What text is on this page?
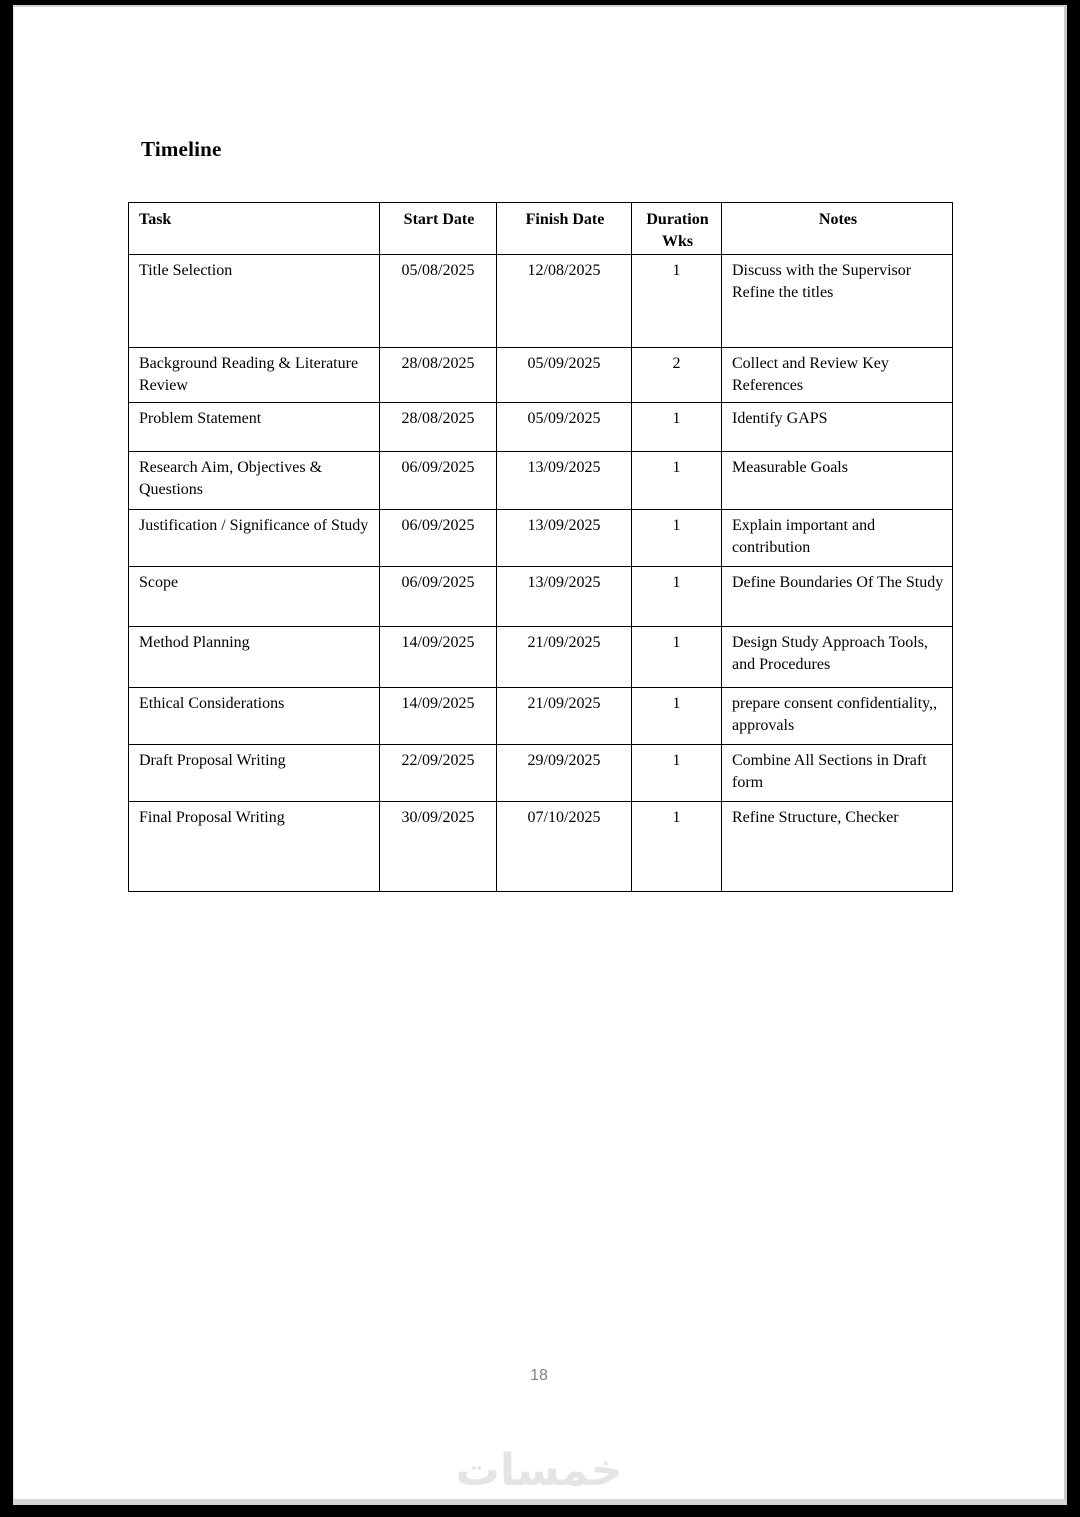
Timeline
Task	Start Date	Finish Date	Duration Wks	Notes
Title Selection	05/08/2025	12/08/2025	1	Discuss with the Supervisor Refine the titles
Background Reading & Literature Review	28/08/2025	05/09/2025	2	Collect and Review Key References
Problem Statement	28/08/2025	05/09/2025	1	Identify GAPS
Research Aim, Objectives & Questions	06/09/2025	13/09/2025	1	Measurable Goals
Justification / Significance of Study	06/09/2025	13/09/2025	1	Explain important and contribution
Scope	06/09/2025	13/09/2025	1	Define Boundaries Of The Study
Method Planning	14/09/2025	21/09/2025	1	Design Study Approach Tools, and Procedures
Ethical Considerations	14/09/2025	21/09/2025	1	prepare consent confidentiality,, approvals
Draft Proposal Writing	22/09/2025	29/09/2025	1	Combine All Sections in Draft form
Final Proposal Writing	30/09/2025	07/10/2025	1	Refine Structure, Checker
18
خمسات
